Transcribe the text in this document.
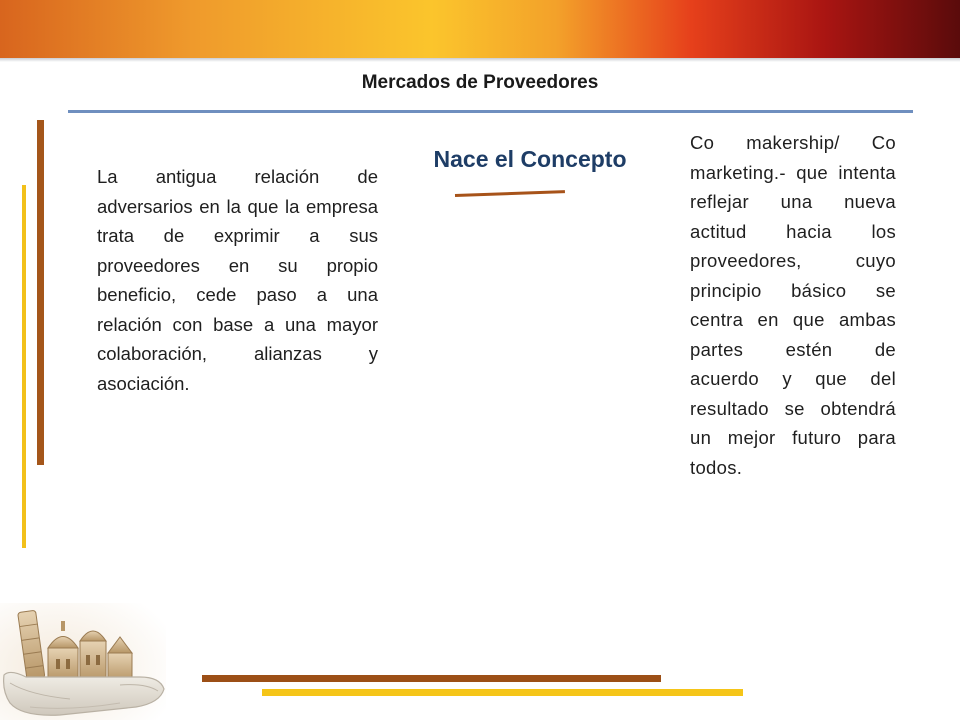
Mercados de Proveedores
La antigua relación de adversarios en la que la empresa trata de exprimir a sus proveedores en su propio beneficio, cede paso a una relación con base a una mayor colaboración, alianzas y asociación.
Nace el Concepto
Co makership/ Co marketing.- que intenta reflejar una nueva actitud hacia los proveedores, cuyo principio básico se centra en que ambas partes estén de acuerdo y que del resultado se obtendrá un mejor futuro para todos.
